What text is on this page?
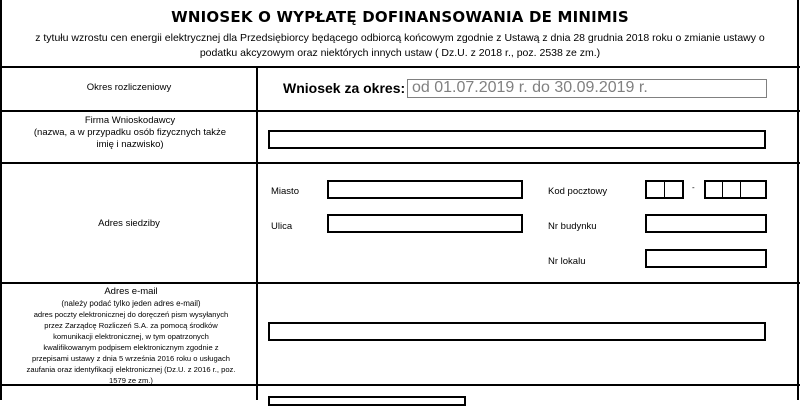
WNIOSEK O WYPŁATĘ DOFINANSOWANIA DE MINIMIS
z tytułu wzrostu cen energii elektrycznej dla Przedsiębiorcy będącego odbiorcą końcowym zgodnie z Ustawą z dnia 28 grudnia 2018 roku o zmianie ustawy o
podatku akcyzowym oraz niektórych innych ustaw ( Dz.U. z 2018 r., poz. 2538 ze zm.)
Okres rozliczeniowy	Wniosek za okres: od 01.07.2019 r. do 30.09.2019 r.
Firma Wnioskodawcy
(nazwa, a w przypadku osób fizycznych także imię i nazwisko)
Adres siedziby
Miasto
Ulica
Kod pocztowy	-
Nr budynku
Nr lokalu
Adres e-mail
(należy podać tylko jeden adres e-mail)
adres poczty elektronicznej do doręczeń pism wysyłanych przez Zarządcę Rozliczeń S.A. za pomocą środków komunikacji elektronicznej, w tym opatrzonych kwalifikowanym podpisem elektronicznym zgodnie z przepisami ustawy z dnia 5 września 2016 roku o usługach zaufania oraz identyfikacji elektronicznej (Dz.U. z 2016 r., poz. 1579 ze zm.)
